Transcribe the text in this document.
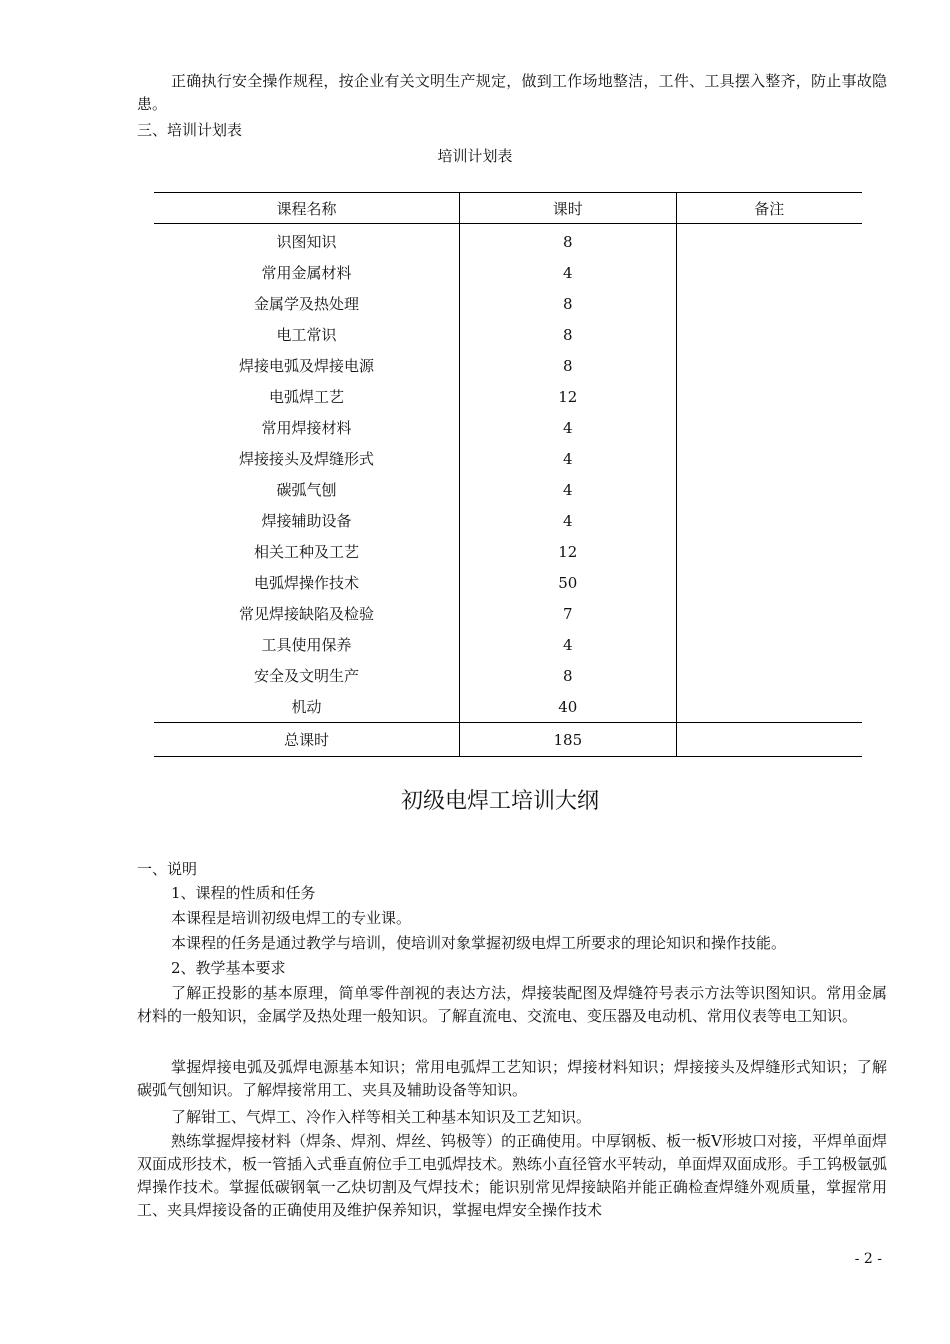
正确执行安全操作规程，按企业有关文明生产规定，做到工作场地整洁，工件、工具摆入整齐，防止事故隐患。

三、培训计划表

培训计划表
课程名称	课时	备注
识图知识	8	
常用金属材料	4	
金属学及热处理	8	
电工常识	8	
焊接电弧及焊接电源	8	
电弧焊工艺	12	
常用焊接材料	4	
焊接接头及焊缝形式	4	
碳弧气刨	4	
焊接辅助设备	4	
相关工种及工艺	12	
电弧焊操作技术	50	
常见焊接缺陷及检验	7	
工具使用保养	4	
安全及文明生产	8	
机动	40	
总课时	185	
初级电焊工培训大纲

一、说明

1、课程的性质和任务

本课程是培训初级电焊工的专业课。

本课程的任务是通过教学与培训，使培训对象掌握初级电焊工所要求的理论知识和操作技能。

2、教学基本要求

了解正投影的基本原理，简单零件剖视的表达方法，焊接装配图及焊缝符号表示方法等识图知识。常用金属材料的一般知识，金属学及热处理一般知识。了解直流电、交流电、变压器及电动机、常用仪表等电工知识。

掌握焊接电弧及弧焊电源基本知识；常用电弧焊工艺知识；焊接材料知识；焊接接头及焊缝形式知识；了解碳弧气刨知识。了解焊接常用工、夹具及辅助设备等知识。

了解钳工、气焊工、冷作入样等相关工种基本知识及工艺知识。

熟练掌握焊接材料（焊条、焊剂、焊丝、钨极等）的正确使用。中厚钢板、板一板V形坡口对接，平焊单面焊双面成形技术，板一管插入式垂直俯位手工电弧焊技术。熟练小直径管水平转动，单面焊双面成形。手工钨极氩弧焊操作技术。掌握低碳钢氧一乙炔切割及气焊技术；能识别常见焊接缺陷并能正确检查焊缝外观质量，掌握常用工、夹具焊接设备的正确使用及维护保养知识，掌握电焊安全操作技术

- 2 -
